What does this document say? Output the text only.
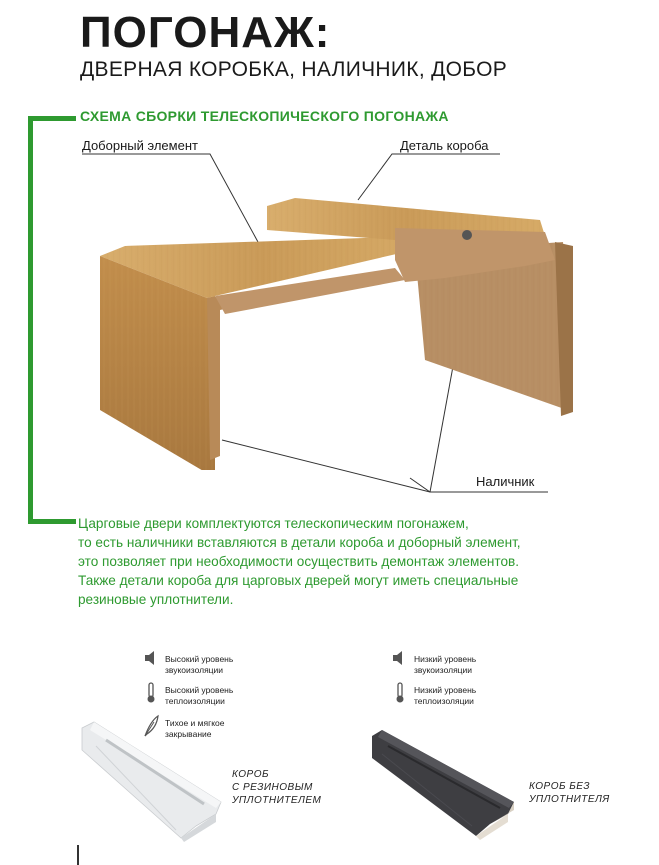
ПОГОНАЖ:
ДВЕРНАЯ КОРОБКА, НАЛИЧНИК, ДОБОР
СХЕМА СБОРКИ ТЕЛЕСКОПИЧЕСКОГО ПОГОНАЖА
Доборный элемент	Деталь короба
Наличник
Царговые двери комплектуются телескопическим погонажем,
то есть наличники вставляются в детали короба и доборный элемент,
это позволяет при необходимости осуществить демонтаж элементов.
Также детали короба для царговых дверей могут иметь специальные
резиновые уплотнители.
Высокий уровень
звукоизоляции
Высокий уровень
теплоизоляции
Тихое и мягкое
закрывание
КОРОБ
С РЕЗИНОВЫМ
УПЛОТНИТЕЛЕМ
Низкий уровень
звукоизоляции
Низкий уровень
теплоизоляции
КОРОБ БЕЗ
УПЛОТНИТЕЛЯ
